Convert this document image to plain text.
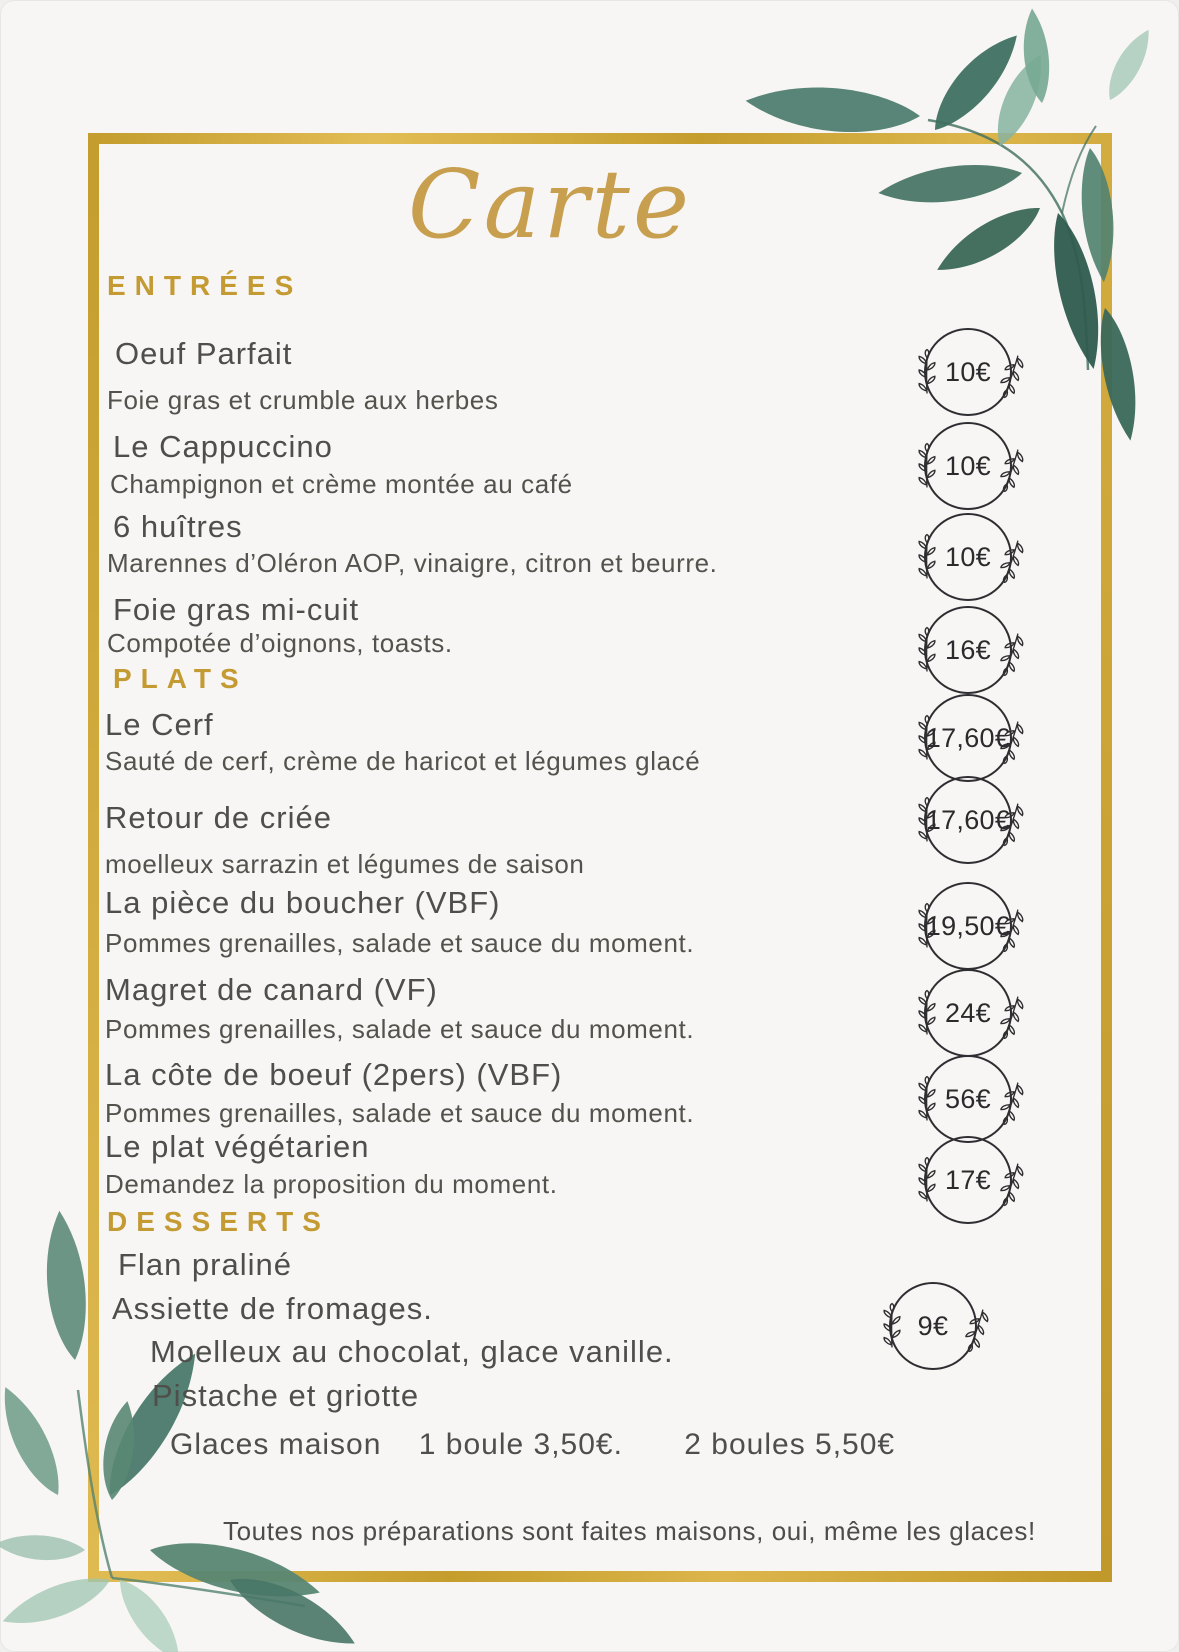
Carte
ENTRÉES
Oeuf Parfait
Foie gras et crumble aux herbes
Le Cappuccino
Champignon et crème montée au café
6 huîtres
Marennes d’Oléron AOP, vinaigre, citron et beurre.
Foie gras mi-cuit
Compotée d’oignons, toasts.
PLATS
Le Cerf
Sauté de cerf, crème de haricot et légumes glacé
Retour de criée
moelleux sarrazin et légumes de saison
La pièce du boucher (VBF)
Pommes grenailles, salade et sauce du moment.
Magret de canard (VF)
Pommes grenailles, salade et sauce du moment.
La côte de boeuf (2pers) (VBF)
Pommes grenailles, salade et sauce du moment.
Le plat végétarien
Demandez la proposition du moment.
DESSERTS
Flan praliné
Assiette de fromages.
Moelleux au chocolat, glace vanille.
Pistache et griotte
Glaces maison 1 boule 3,50€. 2 boules 5,50€
10€
10€
10€
16€
17,60€
17,60€
19,50€
24€
56€
17€
9€
Toutes nos préparations sont faites maisons, oui, même les glaces!
